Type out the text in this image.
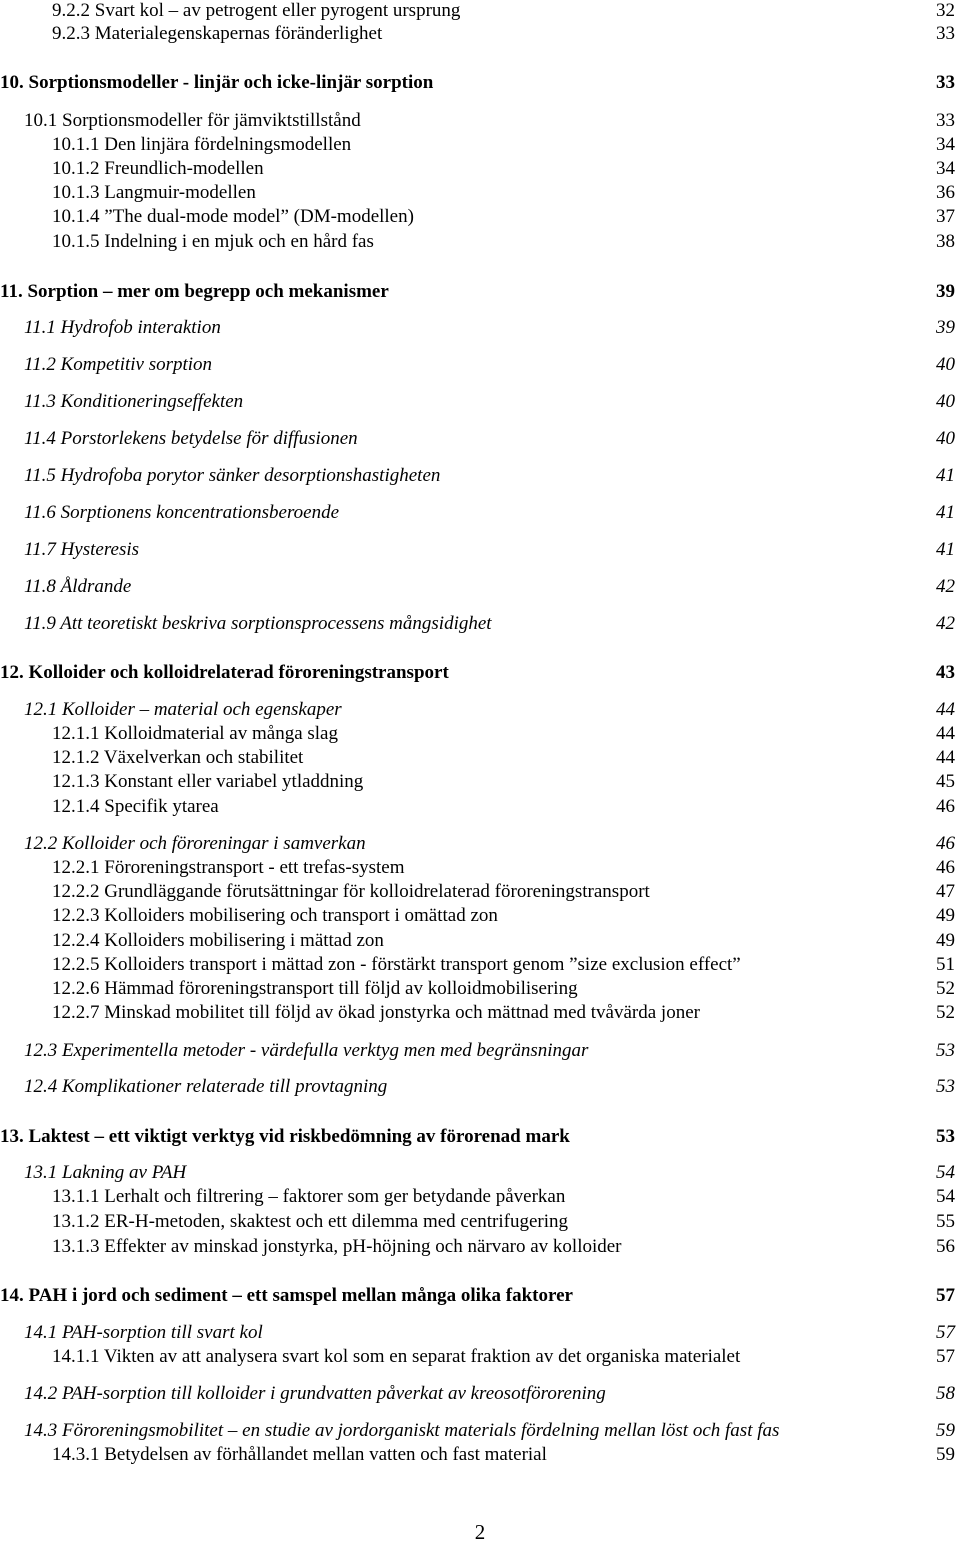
9.2.2 Svart kol – av petrogent eller pyrogent ursprung	32
9.2.3 Materialegenskapernas föränderlighet	33
10. Sorptionsmodeller - linjär och icke-linjär sorption	33
10.1 Sorptionsmodeller för jämviktstillstånd	33
10.1.1 Den linjära fördelningsmodellen	34
10.1.2 Freundlich-modellen	34
10.1.3 Langmuir-modellen	36
10.1.4 ”The dual-mode model” (DM-modellen)	37
10.1.5 Indelning i en mjuk och en hård fas	38
11. Sorption – mer om begrepp och mekanismer	39
11.1 Hydrofob interaktion	39
11.2 Kompetitiv sorption	40
11.3 Konditioneringseffekten	40
11.4 Porstorlekens betydelse för diffusionen	40
11.5 Hydrofoba porytor sänker desorptionshastigheten	41
11.6 Sorptionens koncentrationsberoende	41
11.7 Hysteresis	41
11.8 Åldrande	42
11.9 Att teoretiskt beskriva sorptionsprocessens mångsidighet	42
12. Kolloider och kolloidrelaterad föroreningstransport	43
12.1 Kolloider – material och egenskaper	44
12.1.1 Kolloidmaterial av många slag	44
12.1.2 Växelverkan och stabilitet	44
12.1.3 Konstant eller variabel ytladdning	45
12.1.4 Specifik ytarea	46
12.2 Kolloider och föroreningar i samverkan	46
12.2.1 Föroreningstransport - ett trefas-system	46
12.2.2 Grundläggande förutsättningar för kolloidrelaterad föroreningstransport	47
12.2.3 Kolloiders mobilisering och transport i omättad zon	49
12.2.4 Kolloiders mobilisering i mättad zon	49
12.2.5 Kolloiders transport i mättad zon - förstärkt transport genom ”size exclusion effect”	51
12.2.6 Hämmad föroreningstransport till följd av kolloidmobilisering	52
12.2.7 Minskad mobilitet till följd av ökad jonstyrka och mättnad med tvåvärda joner	52
12.3 Experimentella metoder - värdefulla verktyg men med begränsningar	53
12.4 Komplikationer relaterade till provtagning	53
13. Laktest – ett viktigt verktyg vid riskbedömning av förorenad mark	53
13.1 Lakning av PAH	54
13.1.1 Lerhalt och filtrering – faktorer som ger betydande påverkan	54
13.1.2 ER-H-metoden, skaktest och ett dilemma med centrifugering	55
13.1.3 Effekter av minskad jonstyrka, pH-höjning och närvaro av kolloider	56
14. PAH i jord och sediment – ett samspel mellan många olika faktorer	57
14.1 PAH-sorption till svart kol	57
14.1.1 Vikten av att analysera svart kol som en separat fraktion av det organiska materialet	57
14.2 PAH-sorption till kolloider i grundvatten påverkat av kreosotförorening	58
14.3 Föroreningsmobilitet – en studie av jordorganiskt materials fördelning mellan löst och fast fas	59
14.3.1 Betydelsen av förhållandet mellan vatten och fast material	59
2
